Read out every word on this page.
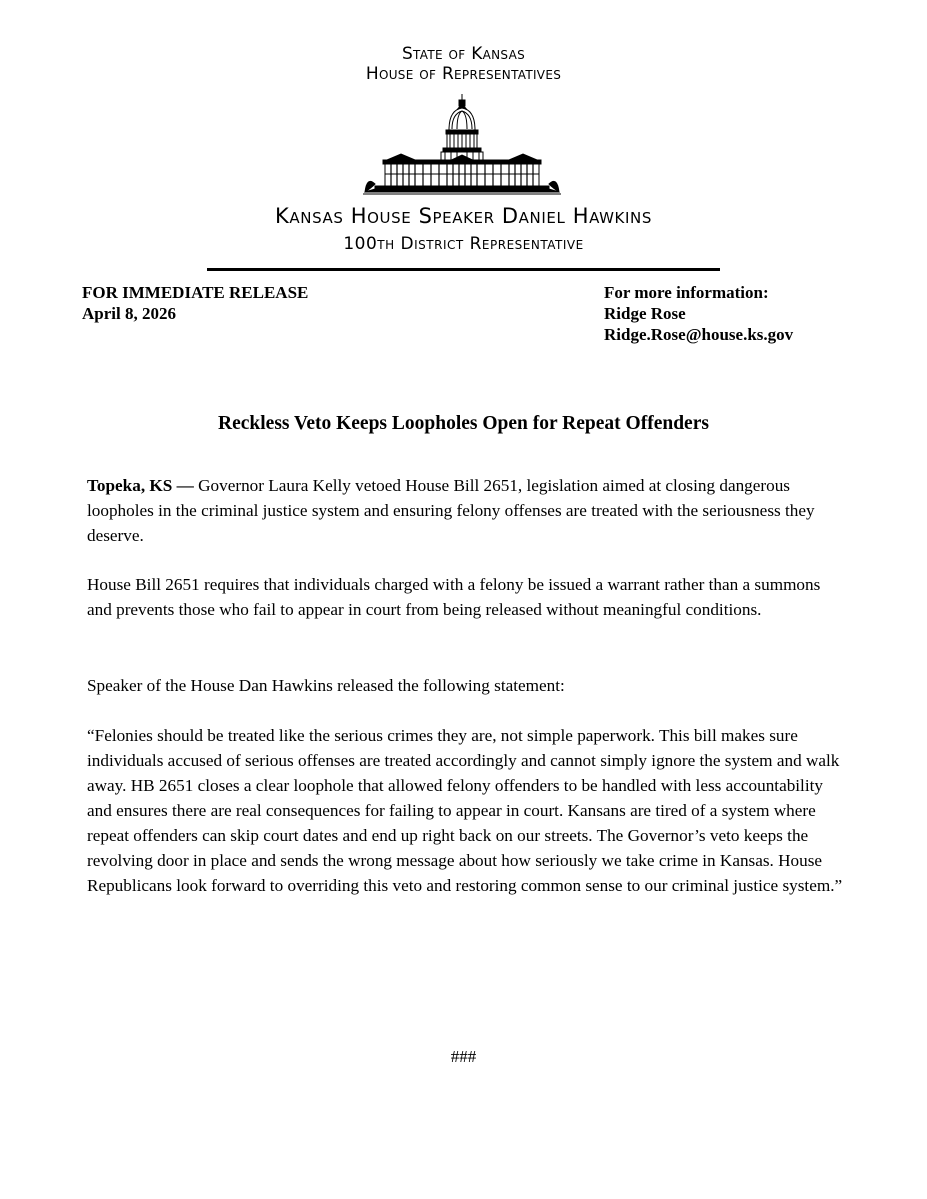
State of Kansas
House of Representatives
Kansas House Speaker Daniel Hawkins
100th District Representative
FOR IMMEDIATE RELEASE
April 8, 2026
For more information:
Ridge Rose
Ridge.Rose@house.ks.gov
Reckless Veto Keeps Loopholes Open for Repeat Offenders

Topeka, KS — Governor Laura Kelly vetoed House Bill 2651, legislation aimed at closing dangerous loopholes in the criminal justice system and ensuring felony offenses are treated with the seriousness they deserve.

House Bill 2651 requires that individuals charged with a felony be issued a warrant rather than a summons and prevents those who fail to appear in court from being released without meaningful conditions.

Speaker of the House Dan Hawkins released the following statement:

“Felonies should be treated like the serious crimes they are, not simple paperwork. This bill makes sure individuals accused of serious offenses are treated accordingly and cannot simply ignore the system and walk away. HB 2651 closes a clear loophole that allowed felony offenders to be handled with less accountability and ensures there are real consequences for failing to appear in court. Kansans are tired of a system where repeat offenders can skip court dates and end up right back on our streets. The Governor’s veto keeps the revolving door in place and sends the wrong message about how seriously we take crime in Kansas. House Republicans look forward to overriding this veto and restoring common sense to our criminal justice system.”

###
